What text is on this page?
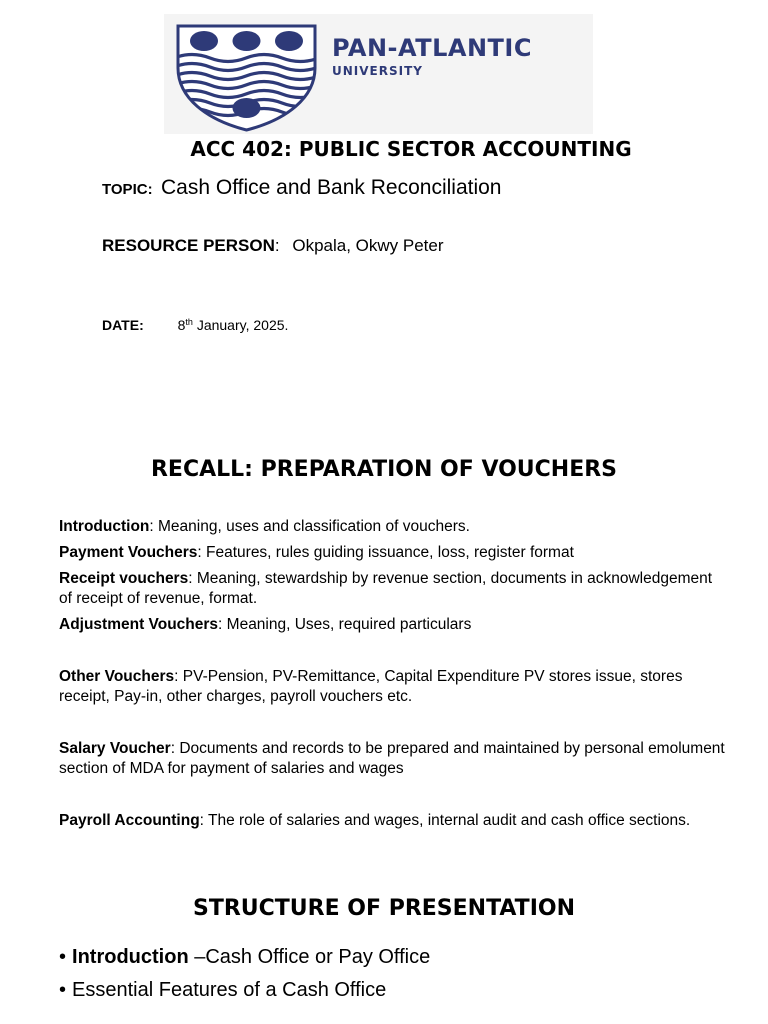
PAN-ATLANTIC
UNIVERSITY
ACC 402: PUBLIC SECTOR ACCOUNTING
TOPIC: Cash Office and Bank Reconciliation
RESOURCE PERSON: Okpala, Okwy Peter
DATE: 8th January, 2025.
RECALL: PREPARATION OF VOUCHERS

Introduction: Meaning, uses and classification of vouchers.

Payment Vouchers: Features, rules guiding issuance, loss, register format

Receipt vouchers: Meaning, stewardship by revenue section, documents in acknowledgement of receipt of revenue, format.

Adjustment Vouchers: Meaning, Uses, required particulars

Other Vouchers: PV-Pension, PV-Remittance, Capital Expenditure PV stores issue, stores receipt, Pay-in, other charges, payroll vouchers etc.

Salary Voucher: Documents and records to be prepared and maintained by personal emolument section of MDA for payment of salaries and wages

Payroll Accounting: The role of salaries and wages, internal audit and cash office sections.

STRUCTURE OF PRESENTATION
• Introduction –Cash Office or Pay Office
• Essential Features of a Cash Office
